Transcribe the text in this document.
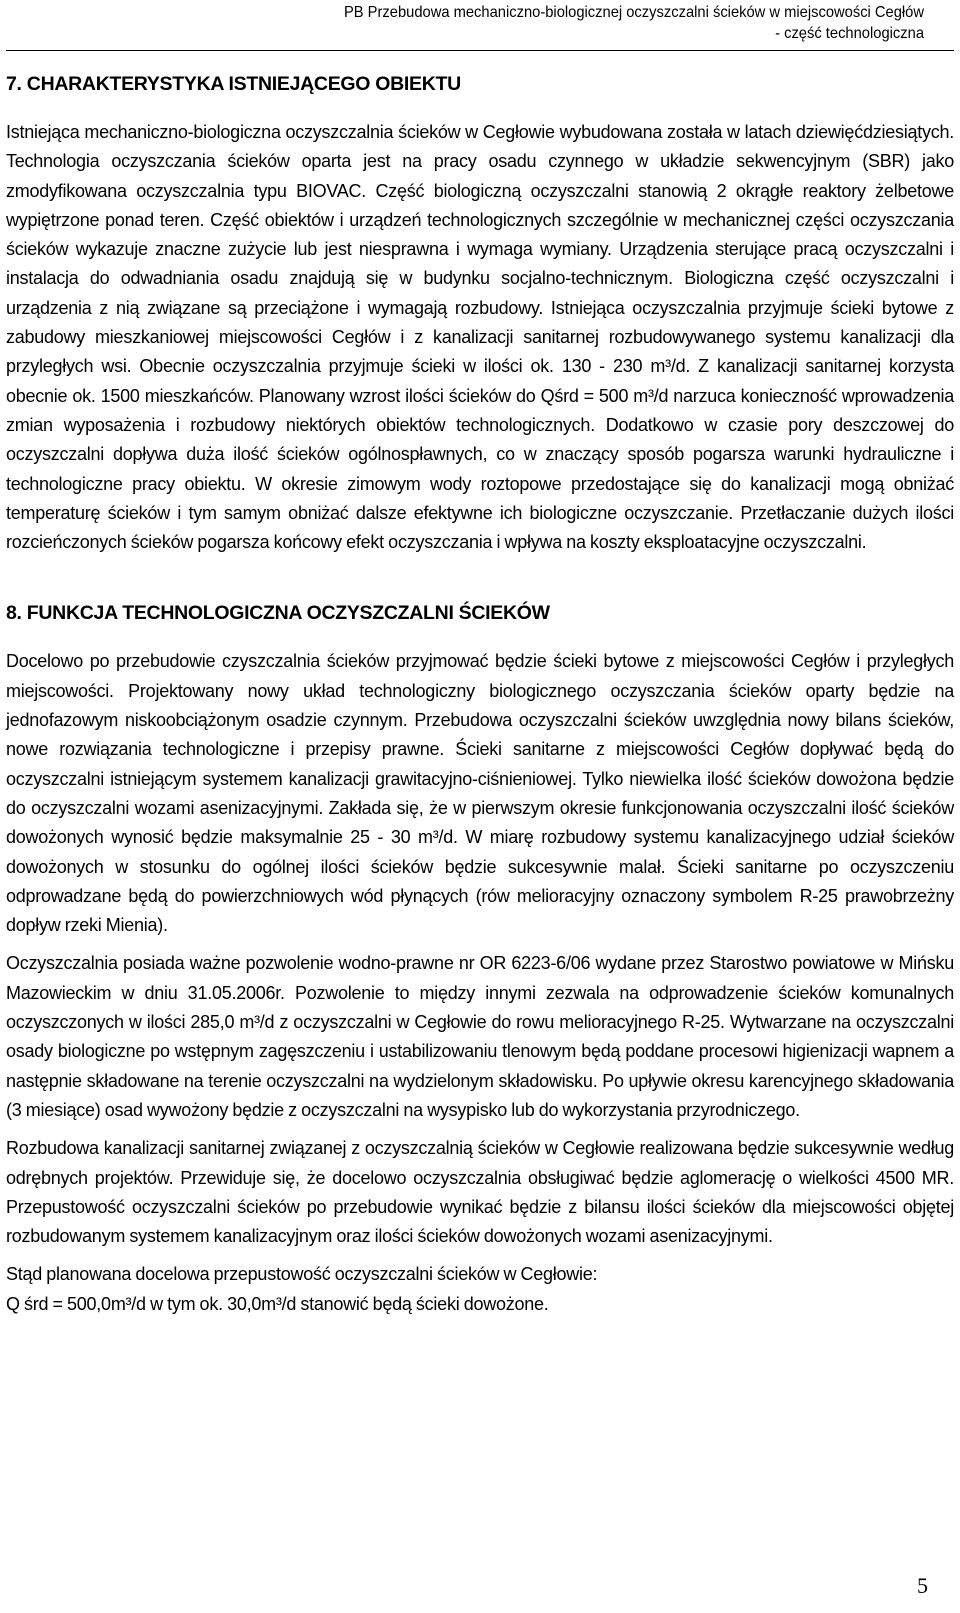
PB Przebudowa mechaniczno-biologicznej oczyszczalni ścieków w miejscowości Cegłów
- część technologiczna
7. CHARAKTERYSTYKA ISTNIEJĄCEGO OBIEKTU

Istniejąca mechaniczno-biologiczna oczyszczalnia ścieków w Cegłowie wybudowana została w latach dziewięćdziesiątych. Technologia oczyszczania ścieków oparta jest na pracy osadu czynnego w układzie sekwencyjnym (SBR) jako zmodyfikowana oczyszczalnia typu BIOVAC. Część biologiczną oczyszczalni stanowią 2 okrągłe reaktory żelbetowe wypiętrzone ponad teren. Część obiektów i urządzeń technologicznych szczególnie w mechanicznej części oczyszczania ścieków wykazuje znaczne zużycie lub jest niesprawna i wymaga wymiany. Urządzenia sterujące pracą oczyszczalni i instalacja do odwadniania osadu znajdują się w budynku socjalno-technicznym. Biologiczna część oczyszczalni i urządzenia z nią związane są przeciążone i wymagają rozbudowy. Istniejąca oczyszczalnia przyjmuje ścieki bytowe z zabudowy mieszkaniowej miejscowości Cegłów i z kanalizacji sanitarnej rozbudowywanego systemu kanalizacji dla przyległych wsi. Obecnie oczyszczalnia przyjmuje ścieki w ilości ok. 130 - 230 m³/d. Z kanalizacji sanitarnej korzysta obecnie ok. 1500 mieszkańców. Planowany wzrost ilości ścieków do Qśrd = 500 m³/d narzuca konieczność wprowadzenia zmian wyposażenia i rozbudowy niektórych obiektów technologicznych. Dodatkowo w czasie pory deszczowej do oczyszczalni dopływa duża ilość ścieków ogólnospławnych, co w znaczący sposób pogarsza warunki hydrauliczne i technologiczne pracy obiektu. W okresie zimowym wody roztopowe przedostające się do kanalizacji mogą obniżać temperaturę ścieków i tym samym obniżać dalsze efektywne ich biologiczne oczyszczanie. Przetłaczanie dużych ilości rozcieńczonych ścieków pogarsza końcowy efekt oczyszczania i wpływa na koszty eksploatacyjne oczyszczalni.

8. FUNKCJA TECHNOLOGICZNA OCZYSZCZALNI ŚCIEKÓW

Docelowo po przebudowie czyszczalnia ścieków przyjmować będzie ścieki bytowe z miejscowości Cegłów i przyległych miejscowości. Projektowany nowy układ technologiczny biologicznego oczyszczania ścieków oparty będzie na jednofazowym niskoobciążonym osadzie czynnym. Przebudowa oczyszczalni ścieków uwzględnia nowy bilans ścieków, nowe rozwiązania technologiczne i przepisy prawne. Ścieki sanitarne z miejscowości Cegłów dopływać będą do oczyszczalni istniejącym systemem kanalizacji grawitacyjno-ciśnieniowej. Tylko niewielka ilość ścieków dowożona będzie do oczyszczalni wozami asenizacyjnymi. Zakłada się, że w pierwszym okresie funkcjonowania oczyszczalni ilość ścieków dowożonych wynosić będzie maksymalnie 25 - 30 m³/d. W miarę rozbudowy systemu kanalizacyjnego udział ścieków dowożonych w stosunku do ogólnej ilości ścieków będzie sukcesywnie malał. Ścieki sanitarne po oczyszczeniu odprowadzane będą do powierzchniowych wód płynących (rów melioracyjny oznaczony symbolem R-25 prawobrzeżny dopływ rzeki Mienia).

Oczyszczalnia posiada ważne pozwolenie wodno-prawne nr OR 6223-6/06 wydane przez Starostwo powiatowe w Mińsku Mazowieckim w dniu 31.05.2006r. Pozwolenie to między innymi zezwala na odprowadzenie ścieków komunalnych oczyszczonych w ilości 285,0 m³/d z oczyszczalni w Cegłowie do rowu melioracyjnego R-25. Wytwarzane na oczyszczalni osady biologiczne po wstępnym zagęszczeniu i ustabilizowaniu tlenowym będą poddane procesowi higienizacji wapnem a następnie składowane na terenie oczyszczalni na wydzielonym składowisku. Po upływie okresu karencyjnego składowania (3 miesiące) osad wywożony będzie z oczyszczalni na wysypisko lub do wykorzystania przyrodniczego.

Rozbudowa kanalizacji sanitarnej związanej z oczyszczalnią ścieków w Cegłowie realizowana będzie sukcesywnie według odrębnych projektów. Przewiduje się, że docelowo oczyszczalnia obsługiwać będzie aglomerację o wielkości 4500 MR. Przepustowość oczyszczalni ścieków po przebudowie wynikać będzie z bilansu ilości ścieków dla miejscowości objętej rozbudowanym systemem kanalizacyjnym oraz ilości ścieków dowożonych wozami asenizacyjnymi.

Stąd planowana docelowa przepustowość oczyszczalni ścieków w Cegłowie:

Q śrd = 500,0m³/d w tym ok. 30,0m³/d stanowić będą ścieki dowożone.

5
